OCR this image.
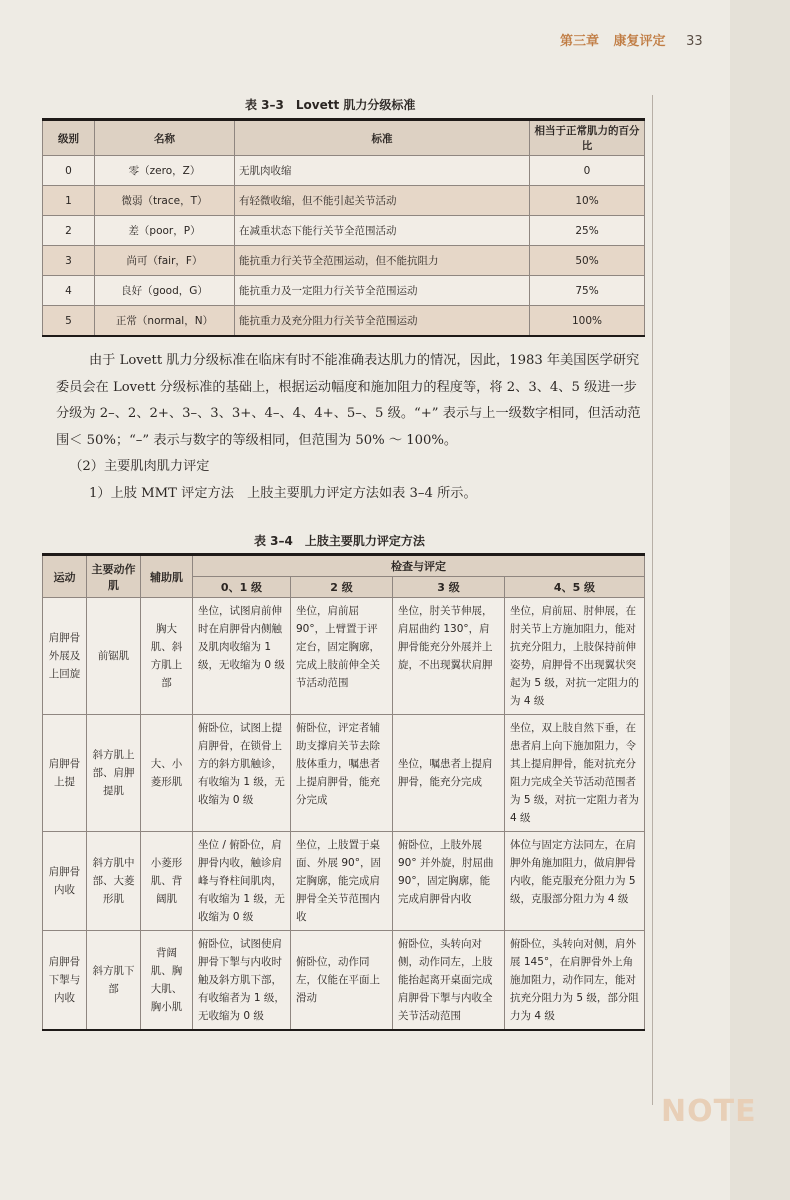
第三章 康复评定 33
表 3–3　Lovett 肌力分级标准
级别	名称	标准	相当于正常肌力的百分比
0	零（zero，Z）	无肌肉收缩	0
1	微弱（trace，T）	有轻微收缩，但不能引起关节活动	10%
2	差（poor，P）	在减重状态下能行关节全范围活动	25%
3	尚可（fair，F）	能抗重力行关节全范围运动，但不能抗阻力	50%
4	良好（good，G）	能抗重力及一定阻力行关节全范围运动	75%
5	正常（normal，N）	能抗重力及充分阻力行关节全范围运动	100%

由于 Lovett 肌力分级标准在临床有时不能准确表达肌力的情况，因此，1983 年美国医学研究委员会在 Lovett 分级标准的基础上，根据运动幅度和施加阻力的程度等，将 2、3、4、5 级进一步分级为 2–、2、2+、3–、3、3+、4–、4、4+、5–、5 级。“+” 表示与上一级数字相同，但活动范围＜ 50%；“–” 表示与数字的等级相同，但范围为 50% ～ 100%。

（2）主要肌肉肌力评定

1）上肢 MMT 评定方法　上肢主要肌力评定方法如表 3–4 所示。

表 3–4　上肢主要肌力评定方法
运动	主要动作肌	辅助肌	检查与评定			
			0、1 级	2 级	3 级	4、5 级
肩胛骨外展及上回旋	前锯肌	胸大肌、斜方肌上部	坐位，试图肩前伸时在肩胛骨内侧触及肌肉收缩为 1 级，无收缩为 0 级	坐位，肩前屈 90°，上臂置于评定台，固定胸廓，完成上肢前伸全关节活动范围	坐位，肘关节伸展，肩屈曲约 130°，肩胛骨能充分外展并上旋，不出现翼状肩胛	坐位，肩前屈、肘伸展，在肘关节上方施加阻力，能对抗充分阻力，上肢保持前伸姿势，肩胛骨不出现翼状突起为 5 级，对抗一定阻力的为 4 级
肩胛骨上提	斜方肌上部、肩胛提肌	大、小菱形肌	俯卧位，试图上提肩胛骨，在锁骨上方的斜方肌触诊，有收缩为 1 级，无收缩为 0 级	俯卧位，评定者辅助支撑肩关节去除肢体重力，嘱患者上提肩胛骨，能充分完成	坐位，嘱患者上提肩胛骨，能充分完成	坐位，双上肢自然下垂，在患者肩上向下施加阻力，令其上提肩胛骨，能对抗充分阻力完成全关节活动范围者为 5 级，对抗一定阻力者为 4 级
肩胛骨内收	斜方肌中部、大菱形肌	小菱形肌、背阔肌	坐位 / 俯卧位，肩胛骨内收，触诊肩峰与脊柱间肌肉，有收缩为 1 级，无收缩为 0 级	坐位，上肢置于桌面、外展 90°，固定胸廓，能完成肩胛骨全关节范围内收	俯卧位，上肢外展 90° 并外旋，肘屈曲 90°，固定胸廓，能完成肩胛骨内收	体位与固定方法同左，在肩胛外角施加阻力，做肩胛骨内收，能克服充分阻力为 5 级，克服部分阻力为 4 级
肩胛骨下掣与内收	斜方肌下部	背阔肌、胸大肌、胸小肌	俯卧位，试图使肩胛骨下掣与内收时触及斜方肌下部，有收缩者为 1 级，无收缩为 0 级	俯卧位，动作同左，仅能在平面上滑动	俯卧位，头转向对侧，动作同左，上肢能抬起离开桌面完成肩胛骨下掣与内收全关节活动范围	俯卧位，头转向对侧，肩外展 145°，在肩胛骨外上角施加阻力，动作同左，能对抗充分阻力为 5 级，部分阻力为 4 级
NOTE
